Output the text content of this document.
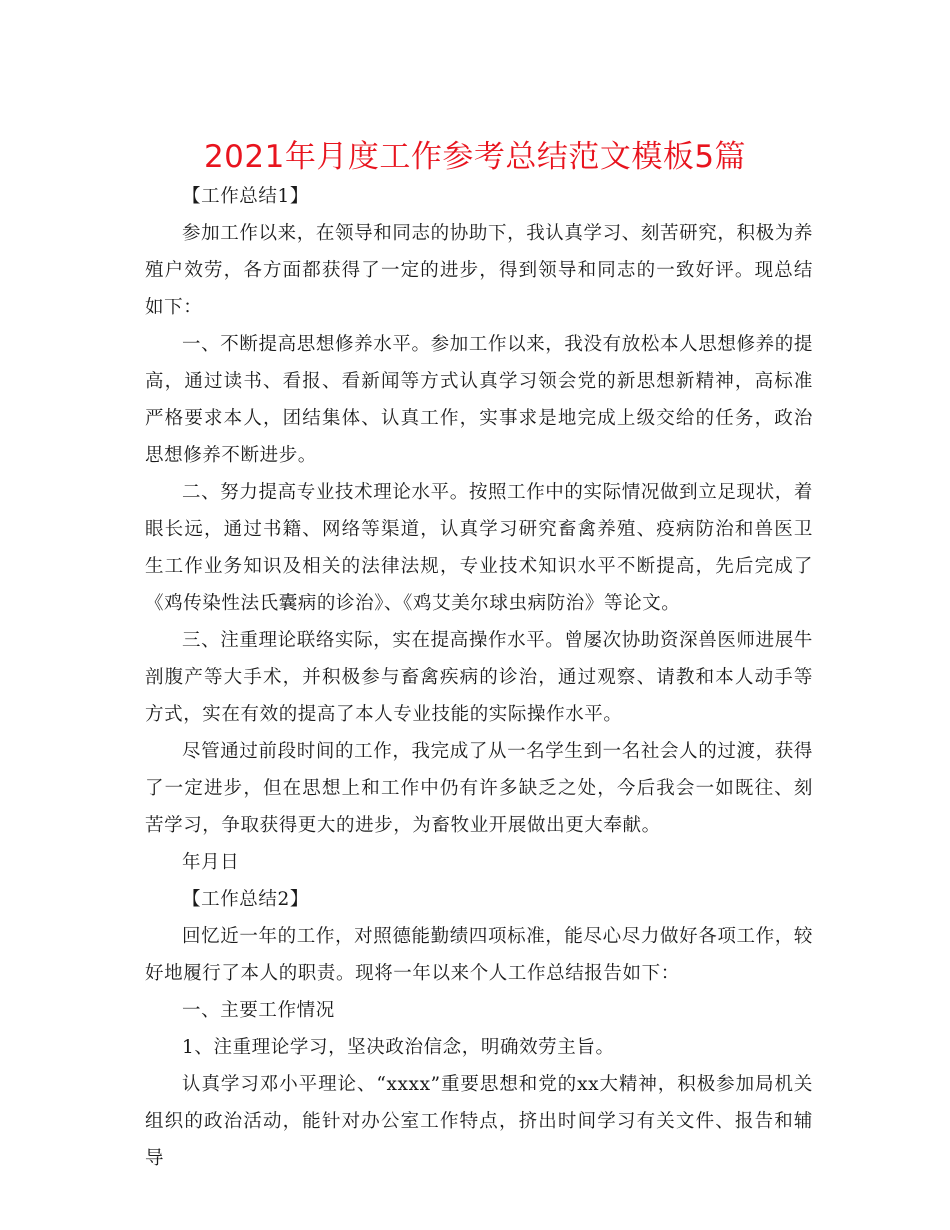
2021年月度工作参考总结范文模板5篇

【工作总结1】

参加工作以来，在领导和同志的协助下，我认真学习、刻苦研究，积极为养殖户效劳，各方面都获得了一定的进步，得到领导和同志的一致好评。现总结如下：

一、不断提高思想修养水平。参加工作以来，我没有放松本人思想修养的提高，通过读书、看报、看新闻等方式认真学习领会党的新思想新精神，高标准严格要求本人，团结集体、认真工作，实事求是地完成上级交给的任务，政治思想修养不断进步。

二、努力提高专业技术理论水平。按照工作中的实际情况做到立足现状，着眼长远，通过书籍、网络等渠道，认真学习研究畜禽养殖、疫病防治和兽医卫生工作业务知识及相关的法律法规，专业技术知识水平不断提高，先后完成了《鸡传染性法氏囊病的诊治》、《鸡艾美尔球虫病防治》等论文。

三、注重理论联络实际，实在提高操作水平。曾屡次协助资深兽医师进展牛剖腹产等大手术，并积极参与畜禽疾病的诊治，通过观察、请教和本人动手等方式，实在有效的提高了本人专业技能的实际操作水平。

尽管通过前段时间的工作，我完成了从一名学生到一名社会人的过渡，获得了一定进步，但在思想上和工作中仍有许多缺乏之处，今后我会一如既往、刻苦学习，争取获得更大的进步，为畜牧业开展做出更大奉献。

年月日

【工作总结2】

回忆近一年的工作，对照德能勤绩四项标准，能尽心尽力做好各项工作，较好地履行了本人的职责。现将一年以来个人工作总结报告如下：

一、主要工作情况

1、注重理论学习，坚决政治信念，明确效劳主旨。

认真学习邓小平理论、“xxxx”重要思想和党的xx大精神，积极参加局机关组织的政治活动，能针对办公室工作特点，挤出时间学习有关文件、报告和辅导
